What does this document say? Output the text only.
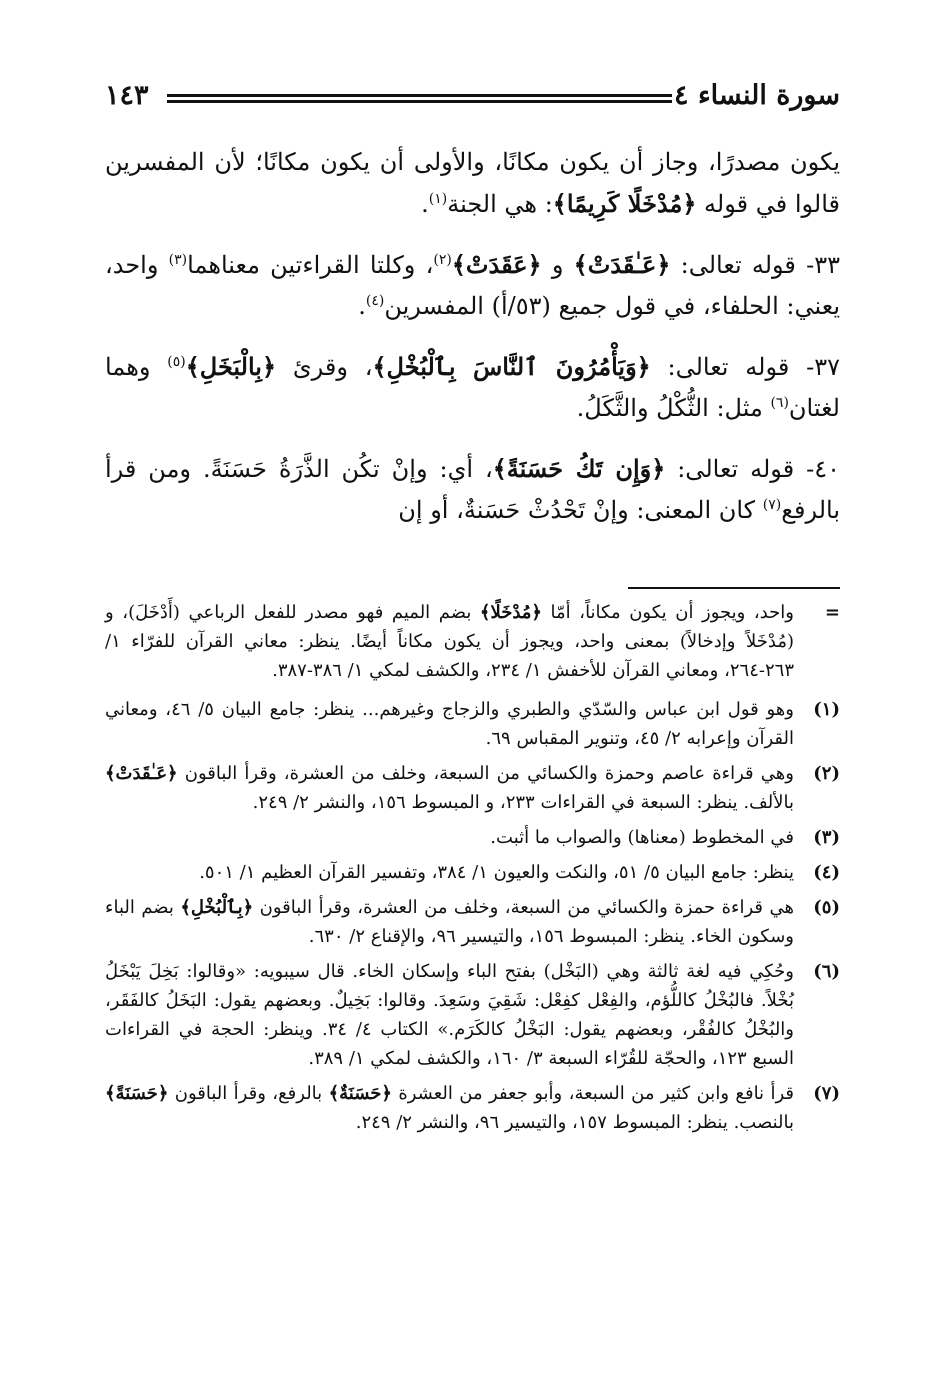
سورة النساء ٤
١٤٣

يكون مصدرًا، وجاز أن يكون مكانًا، والأولى أن يكون مكانًا؛ لأن المفسرين قالوا في قوله ﴿مُدْخَلًا كَرِيمًا﴾: هي الجنة$^{(١)}$.

٣٣- قوله تعالى: ﴿عَـٰقَدَتْ﴾ و ﴿عَقَدَتْ﴾$^{(٢)}$، وكلتا القراءتين معناهما$^{(٣)}$ واحد، يعني: الحلفاء، في قول جميع (٥٣/أ) المفسرين$^{(٤)}$.

٣٧- قوله تعالى: ﴿وَيَأْمُرُونَ ٱلنَّاسَ بِٱلْبُخْلِ﴾، وقرئ ﴿بِالْبَخَلِ﴾$^{(٥)}$ وهما لغتان$^{(٦)}$ مثل: الثُّكْلُ والثَّكَلُ.

٤٠- قوله تعالى: ﴿وَإِن تَكُ حَسَنَةً﴾، أي: وإنْ تكُن الذَّرَةُ حَسَنَةً. ومن قرأ بالرفع$^{(٧)}$ كان المعنى: وإنْ تَحْدُثْ حَسَنةٌ، أو إن

=
واحد، ويجوز أن يكون مكاناً، أمّا ﴿مُدْخَلًا﴾ بضم الميم فهو مصدر للفعل الرباعي (أَدْخَلَ)، و (مُدْخَلاً وإدخالاً) بمعنى واحد، ويجوز أن يكون مكاناً أيضًا. ينظر: معاني القرآن للفرّاء ١/ ٢٦٣-٢٦٤، ومعاني القرآن للأخفش ١/ ٢٣٤، والكشف لمكي ١/ ٣٨٦-٣٨٧.
(١)
وهو قول ابن عباس والسّدّي والطبري والزجاج وغيرهم... ينظر: جامع البيان ٥/ ٤٦، ومعاني القرآن وإعرابه ٢/ ٤٥، وتنوير المقباس ٦٩.
(٢)
وهي قراءة عاصم وحمزة والكسائي من السبعة، وخلف من العشرة، وقرأ الباقون ﴿عَـٰقَدَتْ﴾ بالألف. ينظر: السبعة في القراءات ٢٣٣، و المبسوط ١٥٦، والنشر ٢/ ٢٤٩.
(٣)
في المخطوط (معناها) والصواب ما أثبت.
(٤)
ينظر: جامع البيان ٥/ ٥١، والنكت والعيون ١/ ٣٨٤، وتفسير القرآن العظيم ١/ ٥٠١.
(٥)
هي قراءة حمزة والكسائي من السبعة، وخلف من العشرة، وقرأ الباقون ﴿بِٱلْبُخْلِ﴾ بضم الباء وسكون الخاء. ينظر: المبسوط ١٥٦، والتيسير ٩٦، والإقناع ٢/ ٦٣٠.
(٦)
وحُكِي فيه لغة ثالثة وهي (البَخْل) بفتح الباء وإسكان الخاء. قال سيبويه: «وقالوا: بَخِلَ يَبْخَلُ بُخْلاً. فالبُخْلُ كاللُّؤم، والفِعْل كفِعْل: شَقِيَ وسَعِدَ. وقالوا: بَخِيلٌ. وبعضهم يقول: البَخَلُ كالفَقَر، والبُخْلُ كالفُقْر، وبعضهم يقول: البَخْلُ كالكَرَم.» الكتاب ٤/ ٣٤. وينظر: الحجة في القراءات السبع ١٢٣، والحجّة للقُرّاء السبعة ٣/ ١٦٠، والكشف لمكي ١/ ٣٨٩.
(٧)
قرأ نافع وابن كثير من السبعة، وأبو جعفر من العشرة ﴿حَسَنَةٌ﴾ بالرفع، وقرأ الباقون ﴿حَسَنَةً﴾ بالنصب. ينظر: المبسوط ١٥٧، والتيسير ٩٦، والنشر ٢/ ٢٤٩.
